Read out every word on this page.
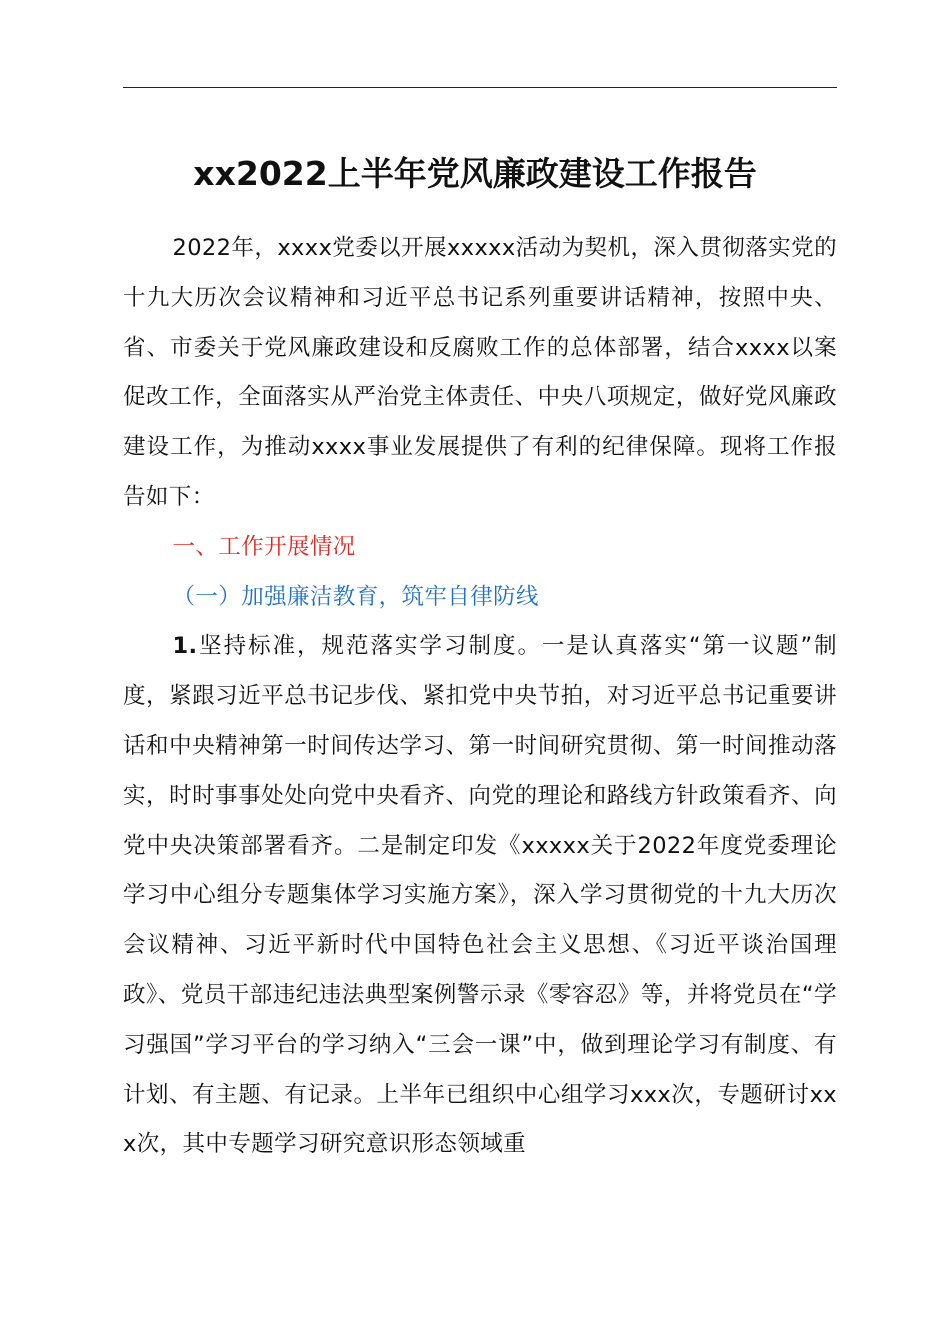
xx2022上半年党风廉政建设工作报告

2022年，xxxx党委以开展xxxxx活动为契机，深入贯彻落实党的十九大历次会议精神和习近平总书记系列重要讲话精神，按照中央、省、市委关于党风廉政建设和反腐败工作的总体部署，结合xxxx以案促改工作，全面落实从严治党主体责任、中央八项规定，做好党风廉政建设工作，为推动xxxx事业发展提供了有利的纪律保障。现将工作报告如下：

一、工作开展情况

（一）加强廉洁教育，筑牢自律防线

1.坚持标准，规范落实学习制度。一是认真落实“第一议题”制度，紧跟习近平总书记步伐、紧扣党中央节拍，对习近平总书记重要讲话和中央精神第一时间传达学习、第一时间研究贯彻、第一时间推动落实，时时事事处处向党中央看齐、向党的理论和路线方针政策看齐、向党中央决策部署看齐。二是制定印发《xxxxx关于2022年度党委理论学习中心组分专题集体学习实施方案》，深入学习贯彻党的十九大历次会议精神、习近平新时代中国特色社会主义思想、《习近平谈治国理政》、党员干部违纪违法典型案例警示录《零容忍》等，并将党员在“学习强国”学习平台的学习纳入“三会一课”中，做到理论学习有制度、有计划、有主题、有记录。上半年已组织中心组学习xxx次，专题研讨xxx次，其中专题学习研究意识形态领域重
